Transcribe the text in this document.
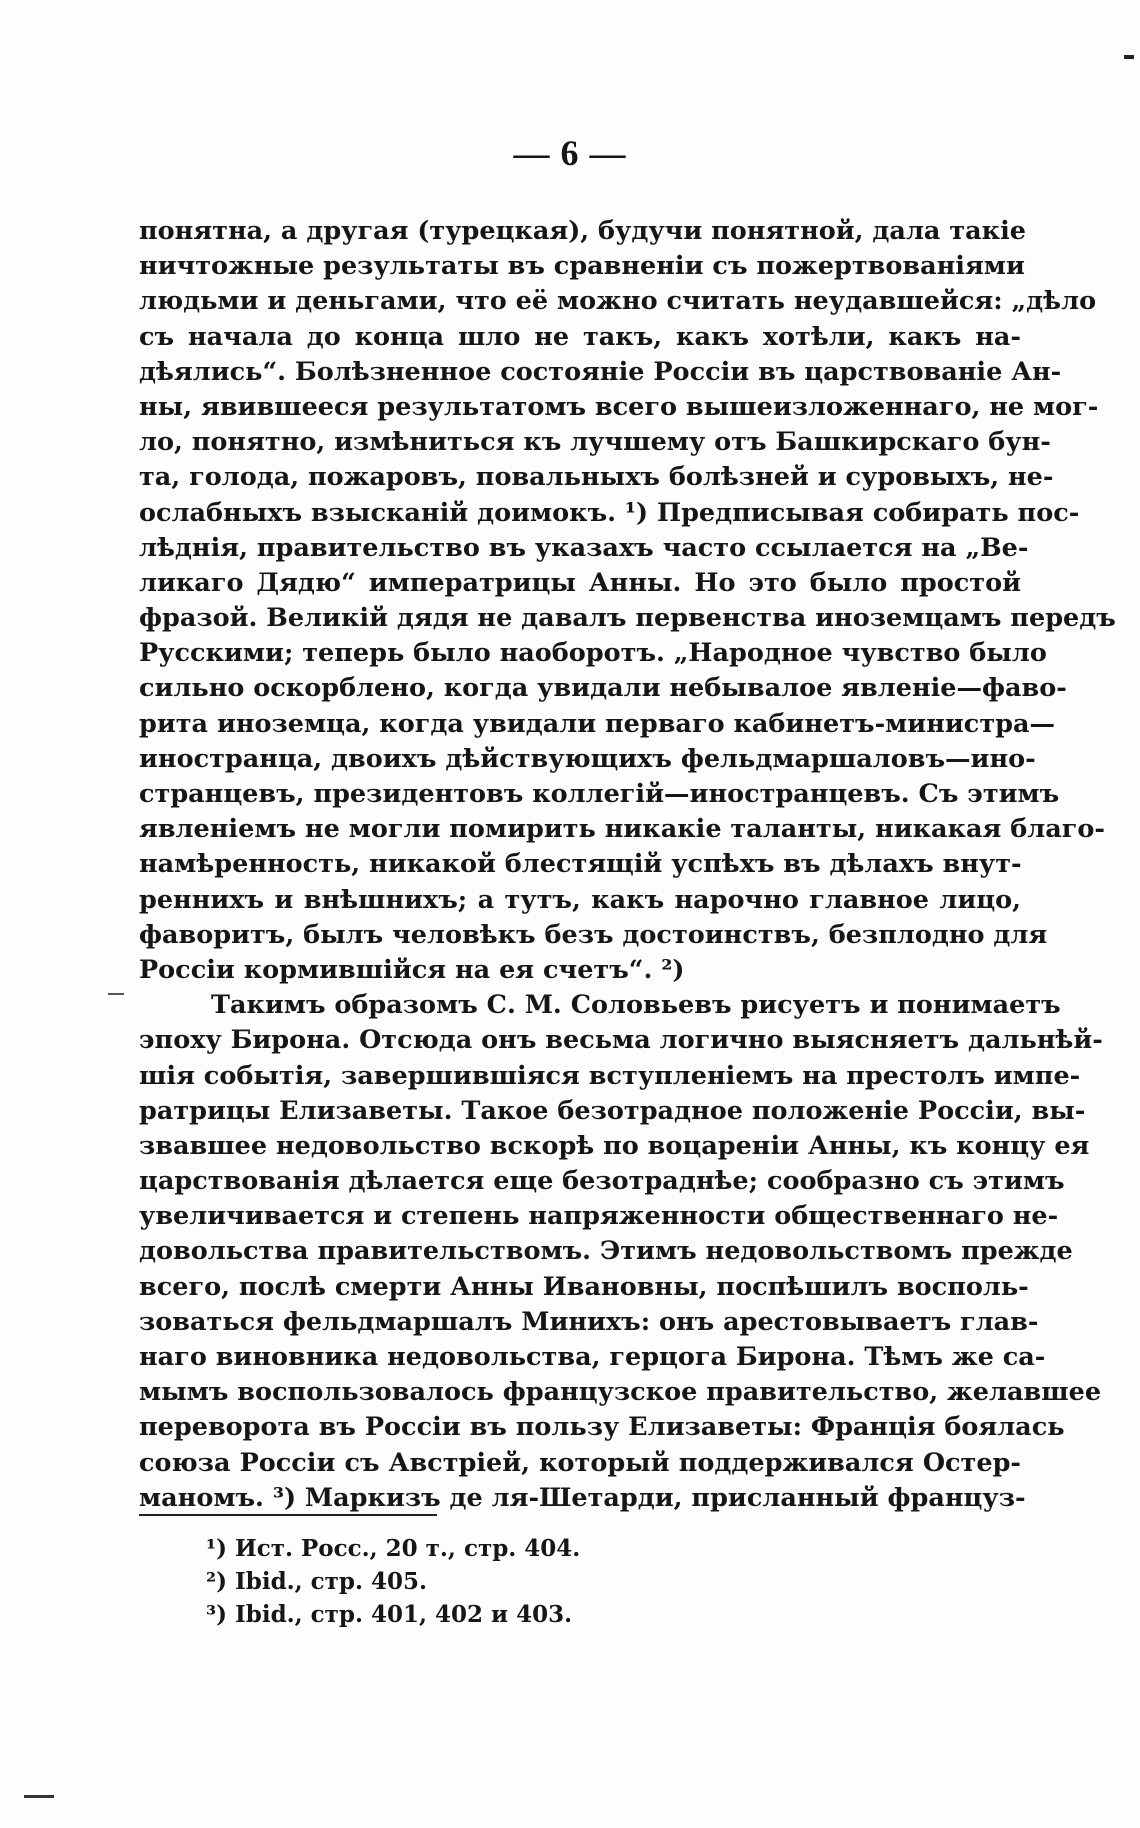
— 6 —
понятна, а другая (турецкая), будучи понятной, дала такіе
ничтожные результаты въ сравненіи съ пожертвованіями
людьми и деньгами, что её можно считать неудавшейся: „дѣло
съ начала до конца шло не такъ, какъ хотѣли, какъ на-
дѣялись“. Болѣзненное состояніе Россіи въ царствованіе Ан-
ны, явившееся результатомъ всего вышеизложеннаго, не мог-
ло, понятно, измѣниться къ лучшему отъ Башкирскаго бун-
та, голода, пожаровъ, повальныхъ болѣзней и суровыхъ, не-
ослабныхъ взысканій доимокъ. ¹) Предписывая собирать пос-
лѣднія, правительство въ указахъ часто ссылается на „Ве-
ликаго Дядю“ императрицы Анны. Но это было простой
фразой. Великій дядя не давалъ первенства иноземцамъ передъ
Русскими; теперь было наоборотъ. „Народное чувство было
сильно оскорблено, когда увидали небывалое явленіе—фаво-
рита иноземца, когда увидали перваго кабинетъ-министра—
иностранца, двоихъ дѣйствующихъ фельдмаршаловъ—ино-
странцевъ, президентовъ коллегій—иностранцевъ. Съ этимъ
явленіемъ не могли помирить никакіе таланты, никакая благо-
намѣренность, никакой блестящій успѣхъ въ дѣлахъ внут-
реннихъ и внѣшнихъ; а тутъ, какъ нарочно главное лицо,
фаворитъ, былъ человѣкъ безъ достоинствъ, безплодно для
Россіи кормившійся на ея счетъ“. ²)
Такимъ образомъ С. М. Соловьевъ рисуетъ и понимаетъ
эпоху Бирона. Отсюда онъ весьма логично выясняетъ дальнѣй-
шія событія, завершившіяся вступленіемъ на престолъ импе-
ратрицы Елизаветы. Такое безотрадное положеніе Россіи, вы-
звавшее недовольство вскорѣ по воцареніи Анны, къ концу ея
царствованія дѣлается еще безотраднѣе; сообразно съ этимъ
увеличивается и степень напряженности общественнаго не-
довольства правительствомъ. Этимъ недовольствомъ прежде
всего, послѣ смерти Анны Ивановны, поспѣшилъ восполь-
зоваться фельдмаршалъ Минихъ: онъ арестовываетъ глав-
наго виновника недовольства, герцога Бирона. Тѣмъ же са-
мымъ воспользовалось французское правительство, желавшее
переворота въ Россіи въ пользу Елизаветы: Франція боялась
союза Россіи съ Австріей, который поддерживался Остер-
маномъ. ³) Маркизъ де ля-Шетарди, присланный француз-
¹) Ист. Росс., 20 т., стр. 404.
²) Ibid., стр. 405.
³) Ibid., стр. 401, 402 и 403.
